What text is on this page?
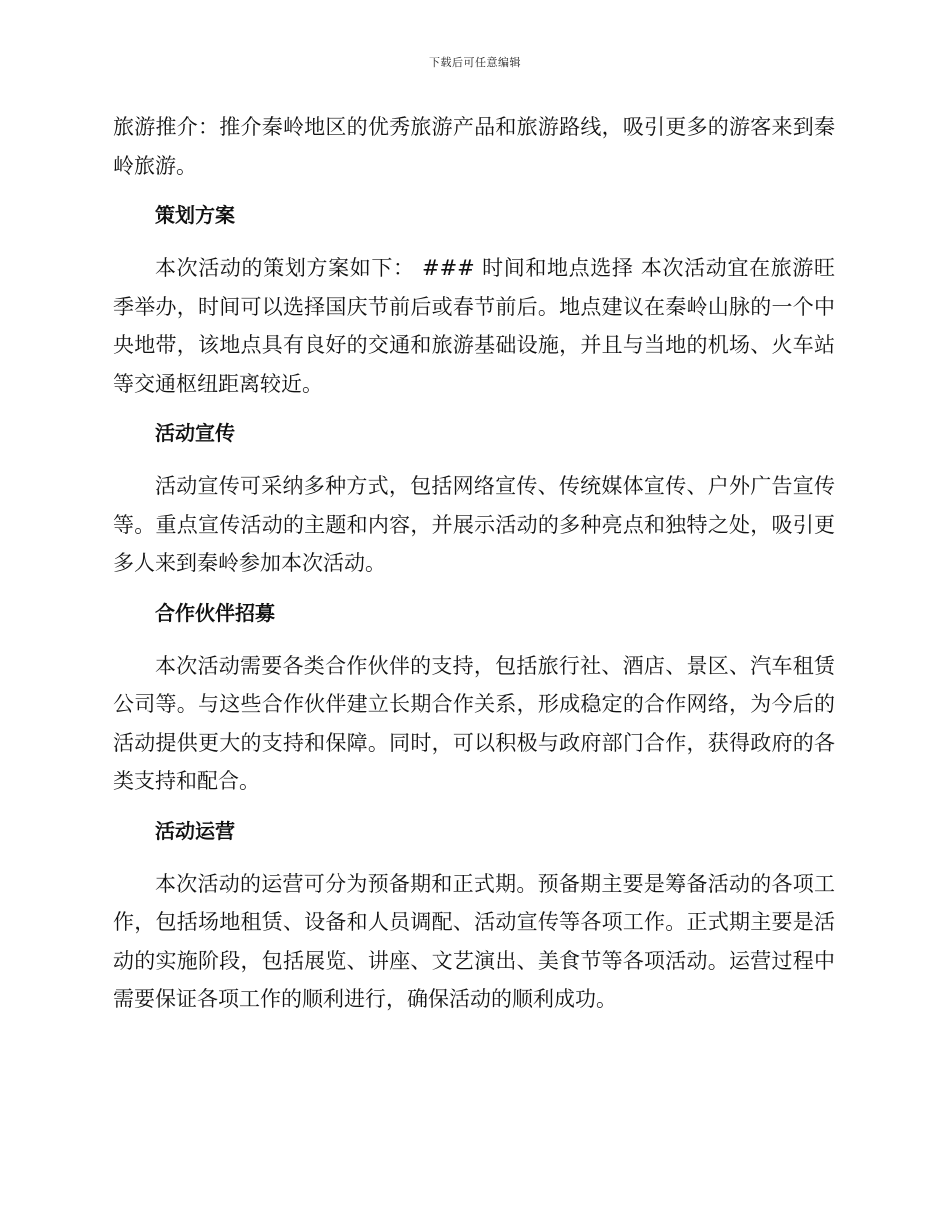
下载后可任意编辑

旅游推介：推介秦岭地区的优秀旅游产品和旅游路线，吸引更多的游客来到秦岭旅游。

策划方案

本次活动的策划方案如下： ### 时间和地点选择 本次活动宜在旅游旺季举办，时间可以选择国庆节前后或春节前后。地点建议在秦岭山脉的一个中央地带，该地点具有良好的交通和旅游基础设施，并且与当地的机场、火车站等交通枢纽距离较近。

活动宣传

活动宣传可采纳多种方式，包括网络宣传、传统媒体宣传、户外广告宣传等。重点宣传活动的主题和内容，并展示活动的多种亮点和独特之处，吸引更多人来到秦岭参加本次活动。

合作伙伴招募

本次活动需要各类合作伙伴的支持，包括旅行社、酒店、景区、汽车租赁公司等。与这些合作伙伴建立长期合作关系，形成稳定的合作网络，为今后的活动提供更大的支持和保障。同时，可以积极与政府部门合作，获得政府的各类支持和配合。

活动运营

本次活动的运营可分为预备期和正式期。预备期主要是筹备活动的各项工作，包括场地租赁、设备和人员调配、活动宣传等各项工作。正式期主要是活动的实施阶段，包括展览、讲座、文艺演出、美食节等各项活动。运营过程中需要保证各项工作的顺利进行，确保活动的顺利成功。
